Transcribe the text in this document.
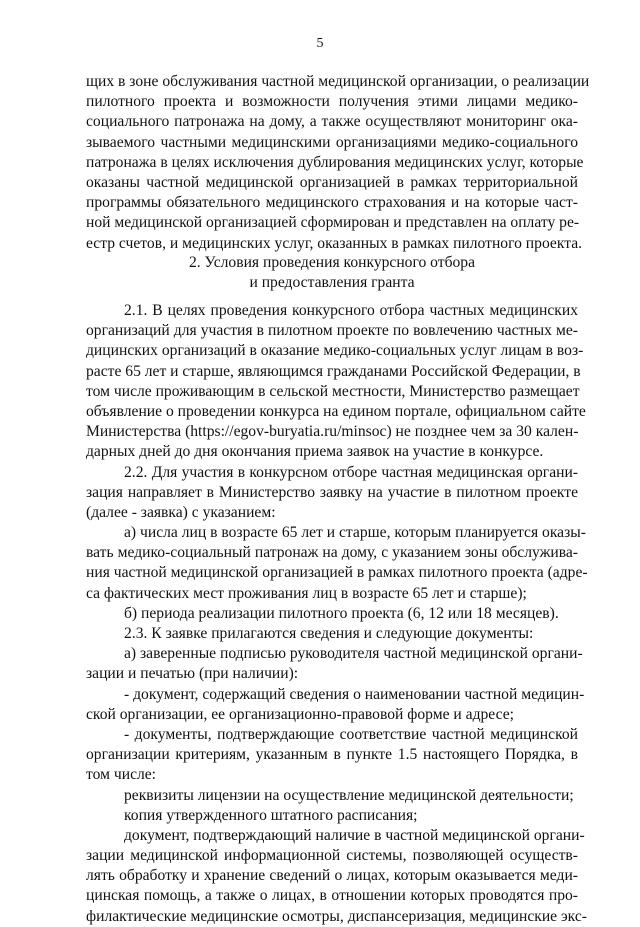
5
щих в зоне обслуживания частной медицинской организации, о реализации
пилотного проекта и возможности получения этими лицами медико-
социального патронажа на дому, а также осуществляют мониторинг ока-
зываемого частными медицинскими организациями медико-социального
патронажа в целях исключения дублирования медицинских услуг, которые
оказаны частной медицинской организацией в рамках территориальной
программы обязательного медицинского страхования и на которые част-
ной медицинской организацией сформирован и представлен на оплату ре-
естр счетов, и медицинских услуг, оказанных в рамках пилотного проекта.
2. Условия проведения конкурсного отбора
и предоставления гранта
2.1. В целях проведения конкурсного отбора частных медицинских
организаций для участия в пилотном проекте по вовлечению частных ме-
дицинских организаций в оказание медико-социальных услуг лицам в воз-
расте 65 лет и старше, являющимся гражданами Российской Федерации, в
том числе проживающим в сельской местности, Министерство размещает
объявление о проведении конкурса на едином портале, официальном сайте
Министерства (https://egov-buryatia.ru/minsoc) не позднее чем за 30 кален-
дарных дней до дня окончания приема заявок на участие в конкурсе.
2.2. Для участия в конкурсном отборе частная медицинская органи-
зация направляет в Министерство заявку на участие в пилотном проекте
(далее - заявка) с указанием:
а) числа лиц в возрасте 65 лет и старше, которым планируется оказы-
вать медико-социальный патронаж на дому, с указанием зоны обслужива-
ния частной медицинской организацией в рамках пилотного проекта (адре-
са фактических мест проживания лиц в возрасте 65 лет и старше);
б) периода реализации пилотного проекта (6, 12 или 18 месяцев).
2.3. К заявке прилагаются сведения и следующие документы:
а) заверенные подписью руководителя частной медицинской органи-
зации и печатью (при наличии):
- документ, содержащий сведения о наименовании частной медицин-
ской организации, ее организационно-правовой форме и адресе;
- документы, подтверждающие соответствие частной медицинской
организации критериям, указанным в пункте 1.5 настоящего Порядка, в
том числе:
реквизиты лицензии на осуществление медицинской деятельности;
копия утвержденного штатного расписания;
документ, подтверждающий наличие в частной медицинской органи-
зации медицинской информационной системы, позволяющей осуществ-
лять обработку и хранение сведений о лицах, которым оказывается меди-
цинская помощь, а также о лицах, в отношении которых проводятся про-
филактические медицинские осмотры, диспансеризация, медицинские экс-
